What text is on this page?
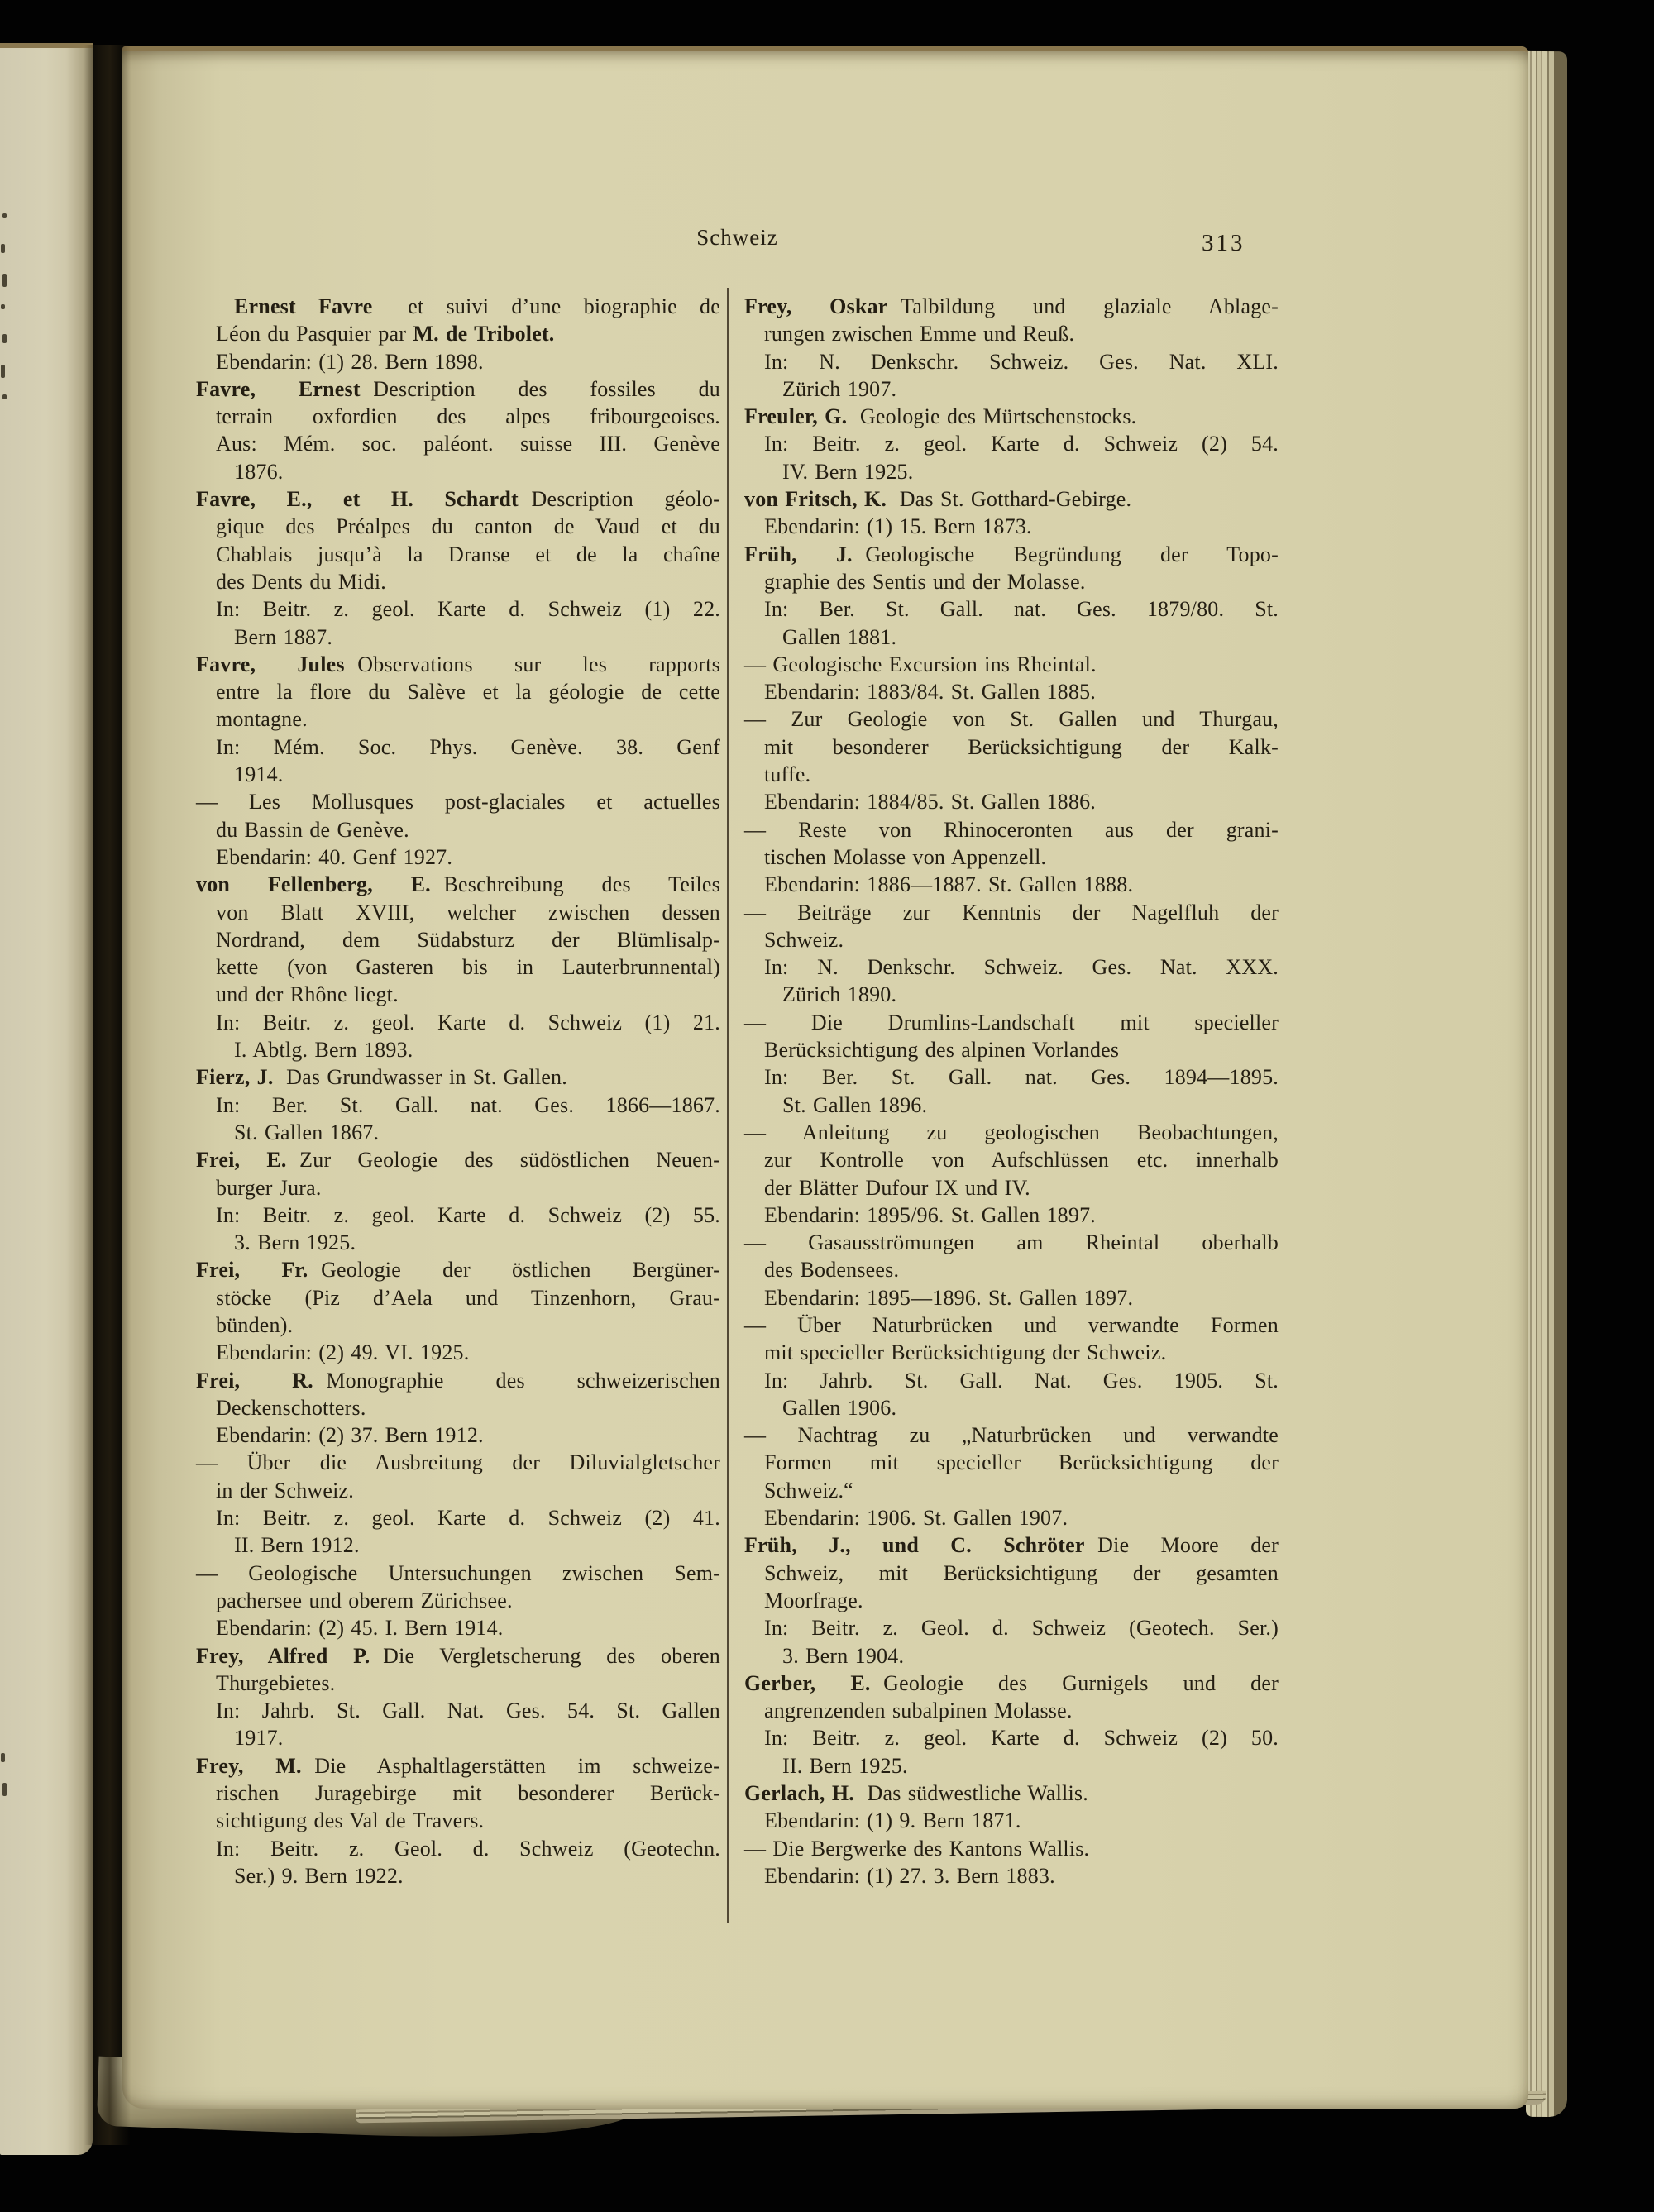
Schweiz	313
Ernest Favre et suivi d’une biographie de
Léon du Pasquier par M. de Tribolet.
Ebendarin: (1) 28. Bern 1898.
Favre, Ernest Description des fossiles du
terrain oxfordien des alpes fribourgeoises.
Aus: Mém. soc. paléont. suisse III. Genève
1876.
Favre, E., et H. Schardt Description géolo-
gique des Préalpes du canton de Vaud et du
Chablais jusqu’à la Dranse et de la chaîne
des Dents du Midi.
In: Beitr. z. geol. Karte d. Schweiz (1) 22.
Bern 1887.
Favre, Jules Observations sur les rapports
entre la flore du Salève et la géologie de cette
montagne.
In: Mém. Soc. Phys. Genève. 38. Genf
1914.
— Les Mollusques post-glaciales et actuelles
du Bassin de Genève.
Ebendarin: 40. Genf 1927.
von Fellenberg, E. Beschreibung des Teiles
von Blatt XVIII, welcher zwischen dessen
Nordrand, dem Südabsturz der Blümlisalp-
kette (von Gasteren bis in Lauterbrunnental)
und der Rhône liegt.
In: Beitr. z. geol. Karte d. Schweiz (1) 21.
I. Abtlg. Bern 1893.
Fierz, J. Das Grundwasser in St. Gallen.
In: Ber. St. Gall. nat. Ges. 1866—1867.
St. Gallen 1867.
Frei, E. Zur Geologie des südöstlichen Neuen-
burger Jura.
In: Beitr. z. geol. Karte d. Schweiz (2) 55.
3. Bern 1925.
Frei, Fr. Geologie der östlichen Bergüner-
stöcke (Piz d’Aela und Tinzenhorn, Grau-
bünden).
Ebendarin: (2) 49. VI. 1925.
Frei, R. Monographie des schweizerischen
Deckenschotters.
Ebendarin: (2) 37. Bern 1912.
— Über die Ausbreitung der Diluvialgletscher
in der Schweiz.
In: Beitr. z. geol. Karte d. Schweiz (2) 41.
II. Bern 1912.
— Geologische Untersuchungen zwischen Sem-
pachersee und oberem Zürichsee.
Ebendarin: (2) 45. I. Bern 1914.
Frey, Alfred P. Die Vergletscherung des oberen
Thurgebietes.
In: Jahrb. St. Gall. Nat. Ges. 54. St. Gallen
1917.
Frey, M. Die Asphaltlagerstätten im schweize-
rischen Juragebirge mit besonderer Berück-
sichtigung des Val de Travers.
In: Beitr. z. Geol. d. Schweiz (Geotechn.
Ser.) 9. Bern 1922.
Frey, Oskar Talbildung und glaziale Ablage-
rungen zwischen Emme und Reuß.
In: N. Denkschr. Schweiz. Ges. Nat. XLI.
Zürich 1907.
Freuler, G. Geologie des Mürtschenstocks.
In: Beitr. z. geol. Karte d. Schweiz (2) 54.
IV. Bern 1925.
von Fritsch, K. Das St. Gotthard-Gebirge.
Ebendarin: (1) 15. Bern 1873.
Früh, J. Geologische Begründung der Topo-
graphie des Sentis und der Molasse.
In: Ber. St. Gall. nat. Ges. 1879/80. St.
Gallen 1881.
— Geologische Excursion ins Rheintal.
Ebendarin: 1883/84. St. Gallen 1885.
— Zur Geologie von St. Gallen und Thurgau,
mit besonderer Berücksichtigung der Kalk-
tuffe.
Ebendarin: 1884/85. St. Gallen 1886.
— Reste von Rhinoceronten aus der grani-
tischen Molasse von Appenzell.
Ebendarin: 1886—1887. St. Gallen 1888.
— Beiträge zur Kenntnis der Nagelfluh der
Schweiz.
In: N. Denkschr. Schweiz. Ges. Nat. XXX.
Zürich 1890.
— Die Drumlins-Landschaft mit specieller
Berücksichtigung des alpinen Vorlandes
In: Ber. St. Gall. nat. Ges. 1894—1895.
St. Gallen 1896.
— Anleitung zu geologischen Beobachtungen,
zur Kontrolle von Aufschlüssen etc. innerhalb
der Blätter Dufour IX und IV.
Ebendarin: 1895/96. St. Gallen 1897.
— Gasausströmungen am Rheintal oberhalb
des Bodensees.
Ebendarin: 1895—1896. St. Gallen 1897.
— Über Naturbrücken und verwandte Formen
mit specieller Berücksichtigung der Schweiz.
In: Jahrb. St. Gall. Nat. Ges. 1905. St.
Gallen 1906.
— Nachtrag zu „Naturbrücken und verwandte
Formen mit specieller Berücksichtigung der
Schweiz.“
Ebendarin: 1906. St. Gallen 1907.
Früh, J., und C. Schröter Die Moore der
Schweiz, mit Berücksichtigung der gesamten
Moorfrage.
In: Beitr. z. Geol. d. Schweiz (Geotech. Ser.)
3. Bern 1904.
Gerber, E. Geologie des Gurnigels und der
angrenzenden subalpinen Molasse.
In: Beitr. z. geol. Karte d. Schweiz (2) 50.
II. Bern 1925.
Gerlach, H. Das südwestliche Wallis.
Ebendarin: (1) 9. Bern 1871.
— Die Bergwerke des Kantons Wallis.
Ebendarin: (1) 27. 3. Bern 1883.
